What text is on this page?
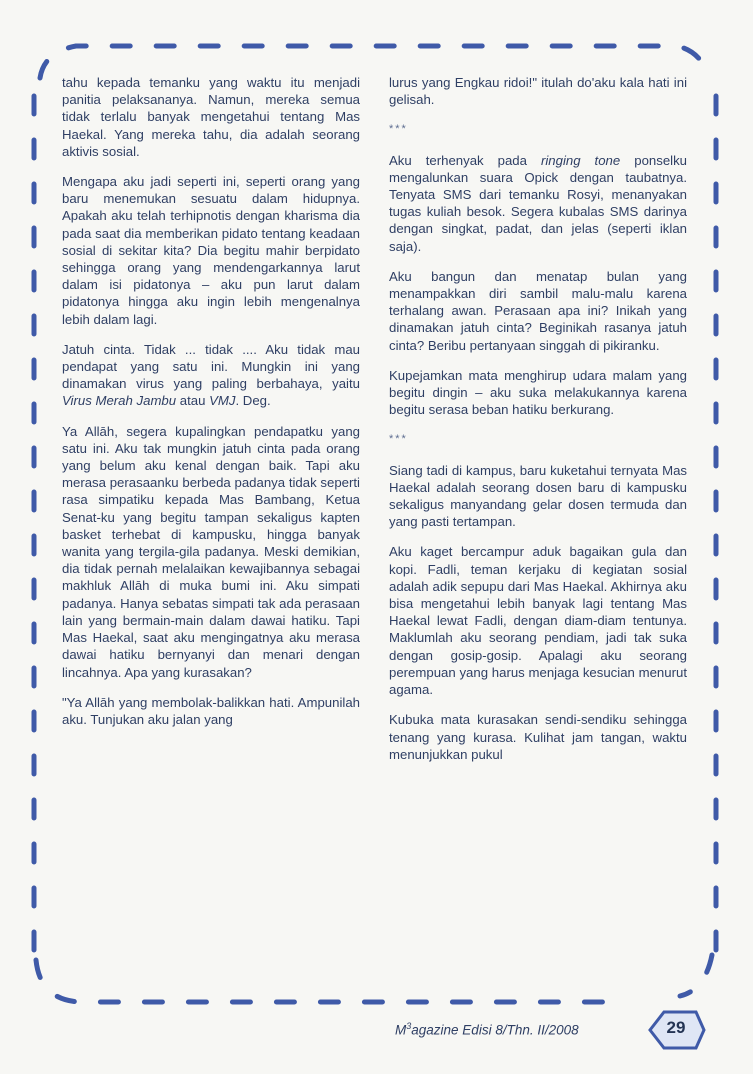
tahu kepada temanku yang waktu itu menjadi panitia pelaksananya. Namun, mereka semua tidak terlalu banyak mengetahui tentang Mas Haekal. Yang mereka tahu, dia adalah seorang aktivis sosial.

Mengapa aku jadi seperti ini, seperti orang yang baru menemukan sesuatu dalam hidupnya. Apakah aku telah terhipnotis dengan kharisma dia pada saat dia memberikan pidato tentang keadaan sosial di sekitar kita? Dia begitu mahir berpidato sehingga orang yang mendengarkannya larut dalam isi pidatonya – aku pun larut dalam pidatonya hingga aku ingin lebih mengenalnya lebih dalam lagi.

Jatuh cinta. Tidak ... tidak .... Aku tidak mau pendapat yang satu ini. Mungkin ini yang dinamakan virus yang paling berbahaya, yaitu Virus Merah Jambu atau VMJ. Deg.

Ya Allāh, segera kupalingkan pendapatku yang satu ini. Aku tak mungkin jatuh cinta pada orang yang belum aku kenal dengan baik. Tapi aku merasa perasaanku berbeda padanya tidak seperti rasa simpatiku kepada Mas Bambang, Ketua Senat-ku yang begitu tampan sekaligus kapten basket terhebat di kampusku, hingga banyak wanita yang tergila-gila padanya. Meski demikian, dia tidak pernah melalaikan kewajibannya sebagai makhluk Allāh di muka bumi ini. Aku simpati padanya. Hanya sebatas simpati tak ada perasaan lain yang bermain-main dalam dawai hatiku. Tapi Mas Haekal, saat aku mengingatnya aku merasa dawai hatiku bernyanyi dan menari dengan lincahnya. Apa yang kurasakan?

"Ya Allāh yang membolak-balikkan hati. Ampunilah aku. Tunjukan aku jalan yang

lurus yang Engkau ridoi!" itulah do'aku kala hati ini gelisah.

***

Aku terhenyak pada ringing tone ponselku mengalunkan suara Opick dengan taubatnya. Tenyata SMS dari temanku Rosyi, menanyakan tugas kuliah besok. Segera kubalas SMS darinya dengan singkat, padat, dan jelas (seperti iklan saja).

Aku bangun dan menatap bulan yang menampakkan diri sambil malu-malu karena terhalang awan. Perasaan apa ini? Inikah yang dinamakan jatuh cinta? Beginikah rasanya jatuh cinta? Beribu pertanyaan singgah di pikiranku.

Kupejamkan mata menghirup udara malam yang begitu dingin – aku suka melakukannya karena begitu serasa beban hatiku berkurang.

***

Siang tadi di kampus, baru kuketahui ternyata Mas Haekal adalah seorang dosen baru di kampusku sekaligus manyandang gelar dosen termuda dan yang pasti tertampan.

Aku kaget bercampur aduk bagaikan gula dan kopi. Fadli, teman kerjaku di kegiatan sosial adalah adik sepupu dari Mas Haekal. Akhirnya aku bisa mengetahui lebih banyak lagi tentang Mas Haekal lewat Fadli, dengan diam-diam tentunya. Maklumlah aku seorang pendiam, jadi tak suka dengan gosip-gosip. Apalagi aku seorang perempuan yang harus menjaga kesucian menurut agama.

Kubuka mata kurasakan sendi-sendiku sehingga tenang yang kurasa. Kulihat jam tangan, waktu menunjukkan pukul

$M^3agazine$ Edisi 8/Thn. II/2008	29
